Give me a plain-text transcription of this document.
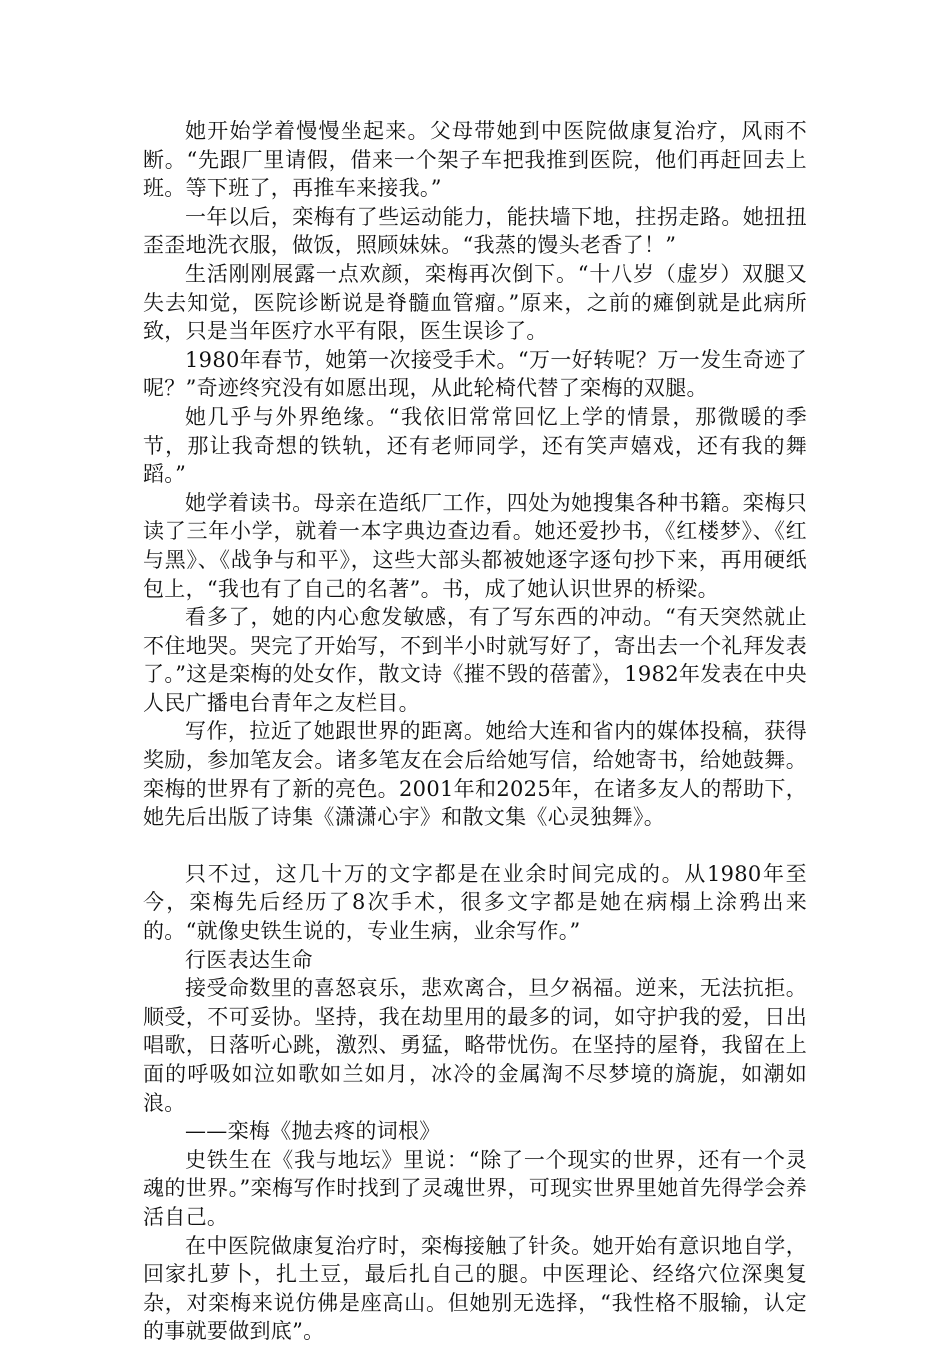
她开始学着慢慢坐起来。父母带她到中医院做康复治疗，风雨不断。“先跟厂里请假，借来一个架子车把我推到医院，他们再赶回去上班。等下班了，再推车来接我。”

一年以后，栾梅有了些运动能力，能扶墙下地，拄拐走路。她扭扭歪歪地洗衣服，做饭，照顾妹妹。“我蒸的馒头老香了！”

生活刚刚展露一点欢颜，栾梅再次倒下。“十八岁（虚岁）双腿又失去知觉，医院诊断说是脊髓血管瘤。”原来，之前的瘫倒就是此病所致，只是当年医疗水平有限，医生误诊了。

1980年春节，她第一次接受手术。“万一好转呢？万一发生奇迹了呢？”奇迹终究没有如愿出现，从此轮椅代替了栾梅的双腿。

她几乎与外界绝缘。“我依旧常常回忆上学的情景，那微暖的季节，那让我奇想的铁轨，还有老师同学，还有笑声嬉戏，还有我的舞蹈。”

她学着读书。母亲在造纸厂工作，四处为她搜集各种书籍。栾梅只读了三年小学，就着一本字典边查边看。她还爱抄书，《红楼梦》、《红与黑》、《战争与和平》，这些大部头都被她逐字逐句抄下来，再用硬纸包上，“我也有了自己的名著”。书，成了她认识世界的桥梁。

看多了，她的内心愈发敏感，有了写东西的冲动。“有天突然就止不住地哭。哭完了开始写，不到半小时就写好了，寄出去一个礼拜发表了。”这是栾梅的处女作，散文诗《摧不毁的蓓蕾》，1982年发表在中央人民广播电台青年之友栏目。

写作，拉近了她跟世界的距离。她给大连和省内的媒体投稿，获得奖励，参加笔友会。诸多笔友在会后给她写信，给她寄书，给她鼓舞。栾梅的世界有了新的亮色。2001年和2025年，在诸多友人的帮助下，她先后出版了诗集《潇潇心宇》和散文集《心灵独舞》。

只不过，这几十万的文字都是在业余时间完成的。从1980年至今，栾梅先后经历了8次手术，很多文字都是她在病榻上涂鸦出来的。“就像史铁生说的，专业生病，业余写作。”

行医表达生命

接受命数里的喜怒哀乐，悲欢离合，旦夕祸福。逆来，无法抗拒。顺受，不可妥协。坚持，我在劫里用的最多的词，如守护我的爱，日出唱歌，日落听心跳，激烈、勇猛，略带忧伤。在坚持的屋脊，我留在上面的呼吸如泣如歌如兰如月，冰冷的金属淘不尽梦境的旖旎，如潮如浪。

——栾梅《抛去疼的词根》

史铁生在《我与地坛》里说：“除了一个现实的世界，还有一个灵魂的世界。”栾梅写作时找到了灵魂世界，可现实世界里她首先得学会养活自己。

在中医院做康复治疗时，栾梅接触了针灸。她开始有意识地自学，回家扎萝卜，扎土豆，最后扎自己的腿。中医理论、经络穴位深奥复杂，对栾梅来说仿佛是座高山。但她别无选择，“我性格不服输，认定的事就要做到底”。
